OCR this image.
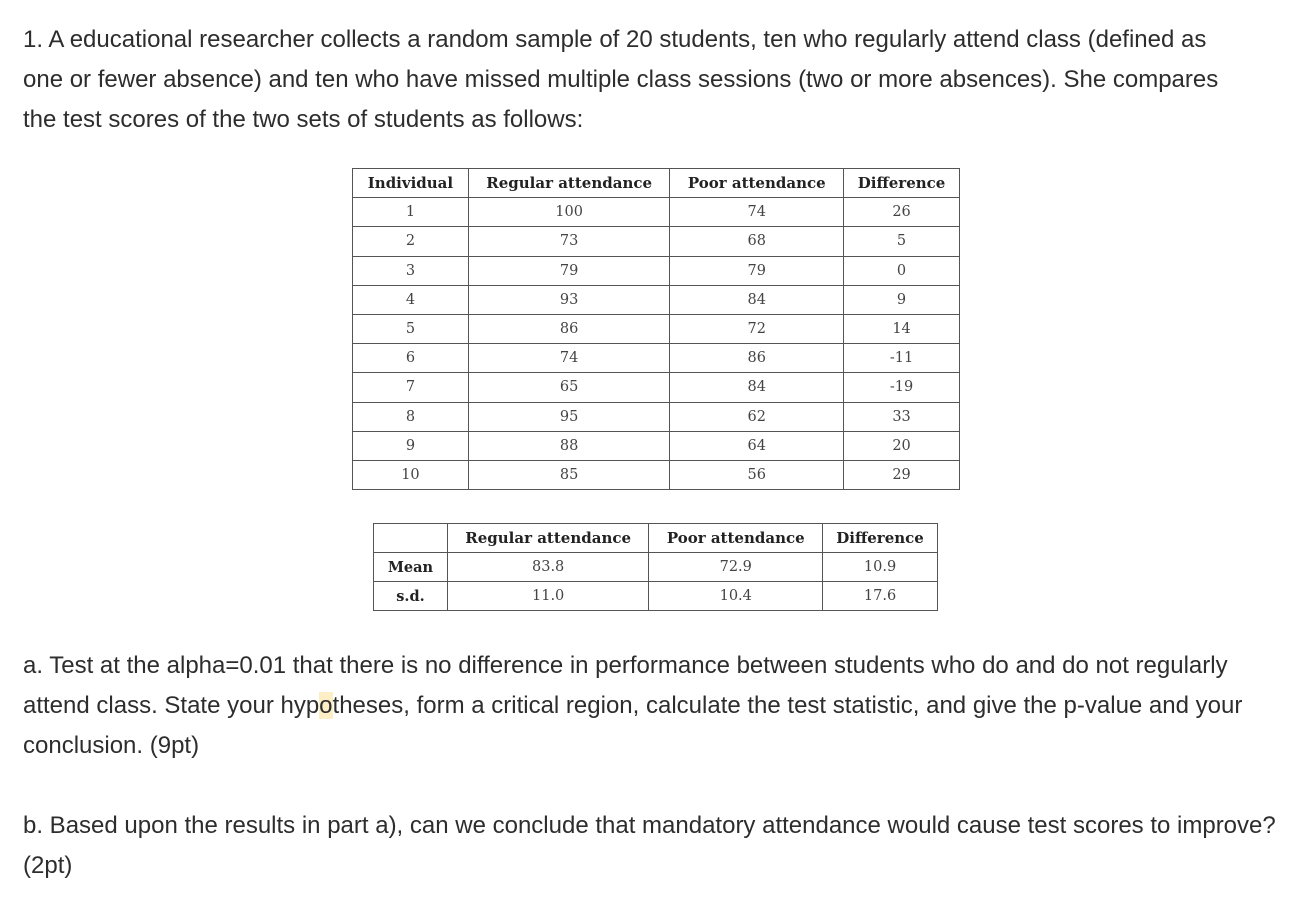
1. A educational researcher collects a random sample of 20 students, ten who regularly attend class (defined as one or fewer absence) and ten who have missed multiple class sessions (two or more absences). She compares the test scores of the two sets of students as follows:

Individual	Regular attendance	Poor attendance	Difference
1	100	74	26
2	73	68	5
3	79	79	0
4	93	84	9
5	86	72	14
6	74	86	-11
7	65	84	-19
8	95	62	33
9	88	64	20
10	85	56	29
	Regular attendance	Poor attendance	Difference
Mean	83.8	72.9	10.9
s.d.	11.0	10.4	17.6

a. Test at the alpha=0.01 that there is no difference in performance between students who do and do not regularly attend class. State your hypotheses, form a critical region, calculate the test statistic, and give the p-value and your conclusion. (9pt)

b. Based upon the results in part a), can we conclude that mandatory attendance would cause test scores to improve? (2pt)
